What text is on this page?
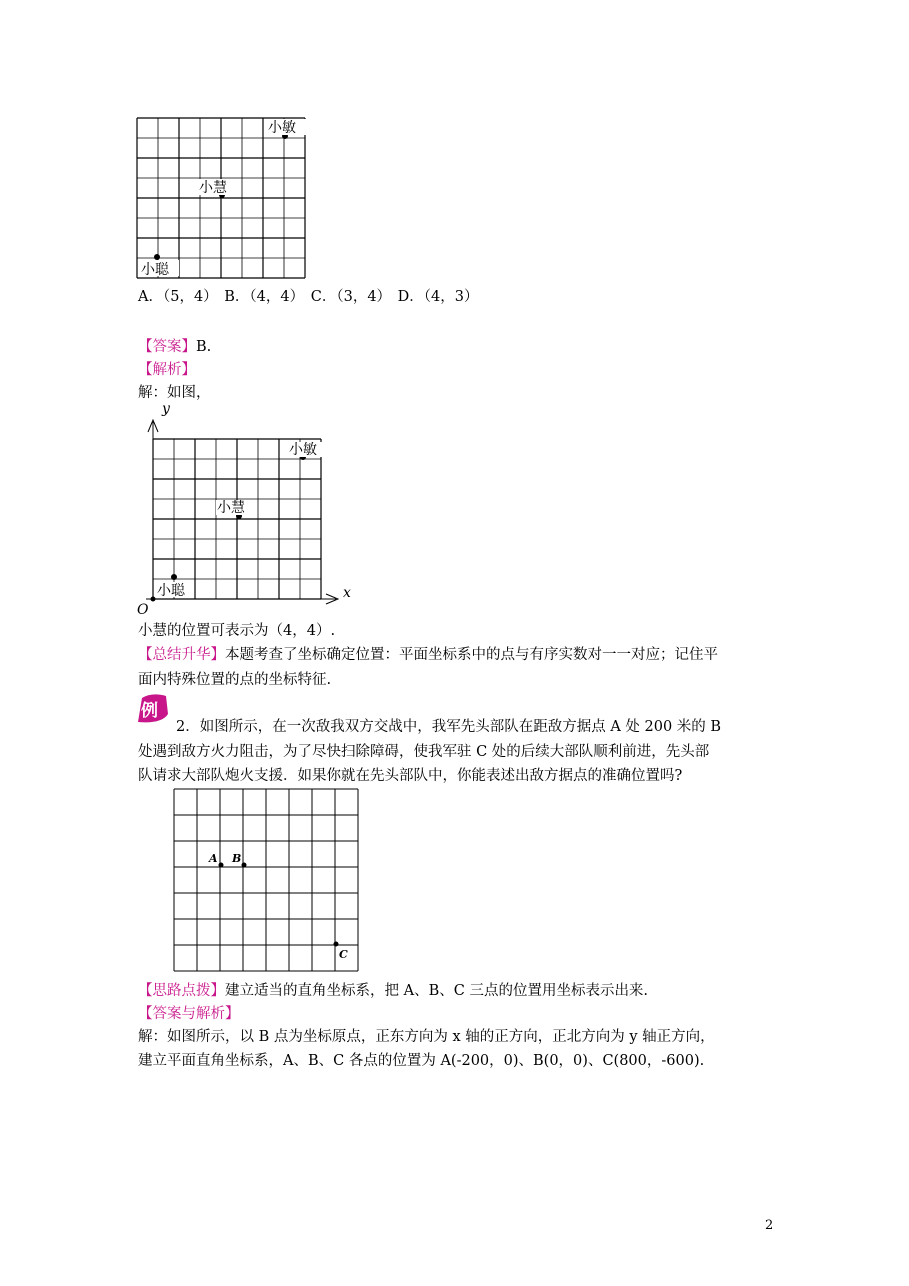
小敏
小慧
小聪
A．（5，4） B．（4，4） C．（3，4） D．（4，3）
【答案】B.
【解析】
解：如图，
y
x
O
小敏
小慧
小聪
小慧的位置可表示为（4，4）.
【总结升华】本题考查了坐标确定位置：平面坐标系中的点与有序实数对一一对应；记住平
面内特殊位置的点的坐标特征.
例
2．如图所示，在一次敌我双方交战中，我军先头部队在距敌方据点 A 处 200 米的 B
处遇到敌方火力阻击，为了尽快扫除障碍，使我军驻 C 处的后续大部队顺利前进，先头部
队请求大部队炮火支援．如果你就在先头部队中，你能表述出敌方据点的准确位置吗?
A B
C
【思路点拨】建立适当的直角坐标系，把 A、B、C 三点的位置用坐标表示出来.
【答案与解析】
解：如图所示，以 B 点为坐标原点，正东方向为 x 轴的正方向，正北方向为 y 轴正方向，
建立平面直角坐标系，A、B、C 各点的位置为 A(-200，0)、B(0，0)、C(800，-600).
2
